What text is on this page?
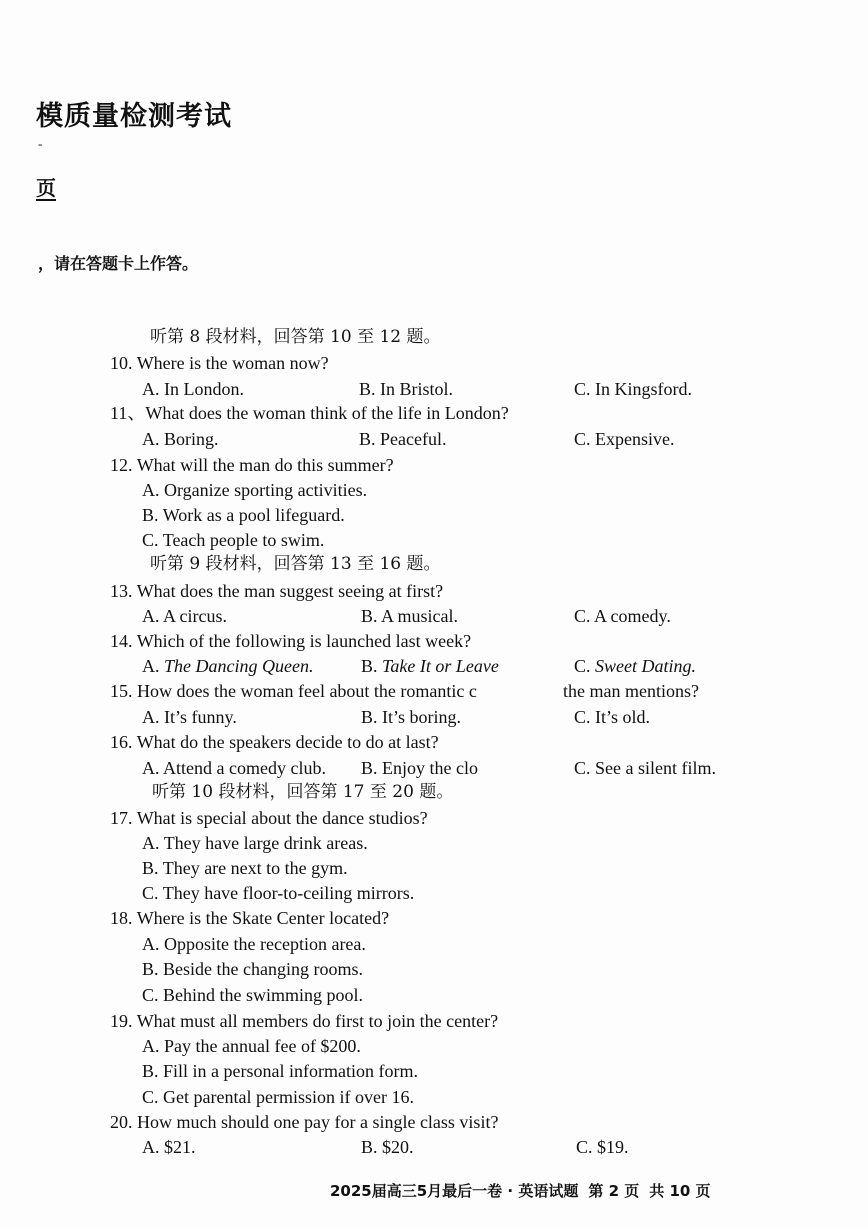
模质量检测考试
-
页
，请在答题卡上作答。
听第 8 段材料，回答第 10 至 12 题。
10. Where is the woman now?
A. In London.	B. In Bristol.	C. In Kingsford.
11、What does the woman think of the life in London?
A. Boring.	B. Peaceful.	C. Expensive.
12. What will the man do this summer?
A. Organize sporting activities.
B. Work as a pool lifeguard.
C. Teach people to swim.
听第 9 段材料，回答第 13 至 16 题。
13. What does the man suggest seeing at first?
A. A circus.	B. A musical.	C. A comedy.
14. Which of the following is launched last week?
A. The Dancing Queen.	B. Take It or Leave	C. Sweet Dating.
15. How does the woman feel about the romantic c	the man mentions?
A. It’s funny.	B. It’s boring.	C. It’s old.
16. What do the speakers decide to do at last?
A. Attend a comedy club. B. Enjoy the clo	C. See a silent film.
听第 10 段材料，回答第 17 至 20 题。
17. What is special about the dance studios?
A. They have large drink areas.
B. They are next to the gym.
C. They have floor-to-ceiling mirrors.
18. Where is the Skate Center located?
A. Opposite the reception area.
B. Beside the changing rooms.
C. Behind the swimming pool.
19. What must all members do first to join the center?
A. Pay the annual fee of $200.
B. Fill in a personal information form.
C. Get parental permission if over 16.
20. How much should one pay for a single class visit?
A. $21.	B. $20.	C. $19.
2025届高三5月最后一卷 · 英语试题 第 2 页 共 10 页
